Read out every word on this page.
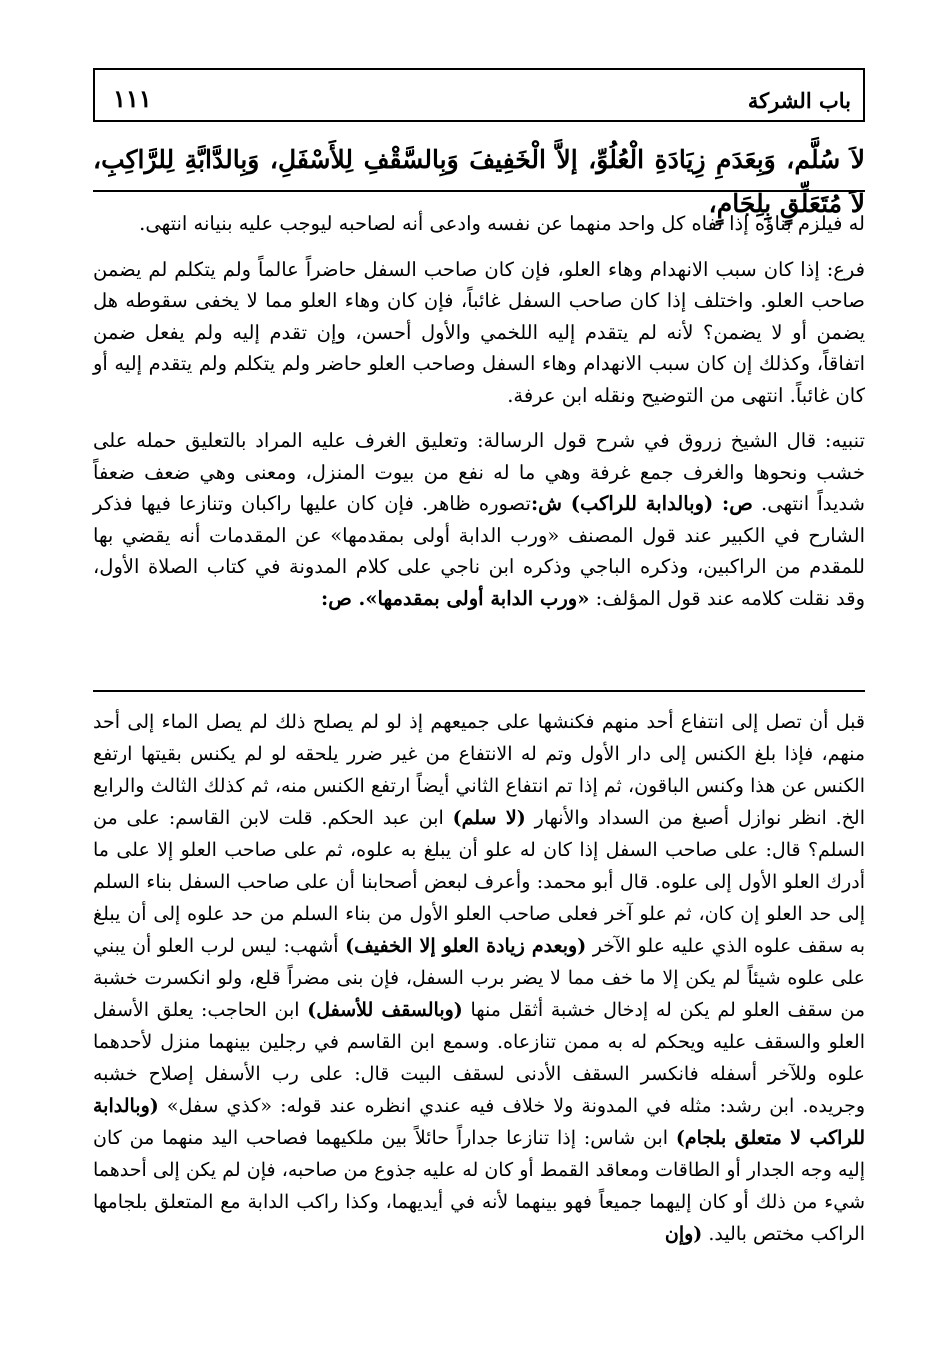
باب الشركة
١١١
لاَ سُلَّم، وَبِعَدَمِ زِيَادَةِ الْعُلُوِّ، إلاَّ الْخَفِيفَ وَبِالسَّقْفِ لِلأَسْفَلِ، وَبِالدَّابَّةِ لِلرَّاكِبِ، لاَ مُتَعَلِّقٍ بِلِجَامٍ،

له فيلزم بناؤه إذا نفاه كل واحد منهما عن نفسه وادعى أنه لصاحبه ليوجب عليه بنيانه انتهى.

فرع: إذا كان سبب الانهدام وهاء العلو، فإن كان صاحب السفل حاضراً عالماً ولم يتكلم لم يضمن صاحب العلو. واختلف إذا كان صاحب السفل غائباً، فإن كان وهاء العلو مما لا يخفى سقوطه هل يضمن أو لا يضمن؟ لأنه لم يتقدم إليه اللخمي والأول أحسن، وإن تقدم إليه ولم يفعل ضمن اتفاقاً، وكذلك إن كان سبب الانهدام وهاء السفل وصاحب العلو حاضر ولم يتكلم ولم يتقدم إليه أو كان غائباً. انتهى من التوضيح ونقله ابن عرفة.

تنبيه: قال الشيخ زروق في شرح قول الرسالة: وتعليق الغرف عليه المراد بالتعليق حمله على خشب ونحوها والغرف جمع غرفة وهي ما له نفع من بيوت المنزل، ومعنى وهي ضعف ضعفاً شديداً انتهى. ص: (وبالدابة للراكب) ش:تصوره ظاهر. فإن كان عليها راكبان وتنازعا فيها فذكر الشارح في الكبير عند قول المصنف «ورب الدابة أولى بمقدمها» عن المقدمات أنه يقضي بها للمقدم من الراكبين، وذكره الباجي وذكره ابن ناجي على كلام المدونة في كتاب الصلاة الأول، وقد نقلت كلامه عند قول المؤلف: «ورب الدابة أولى بمقدمها». ص:

قبل أن تصل إلى انتفاع أحد منهم فكنشها على جميعهم إذ لو لم يصلح ذلك لم يصل الماء إلى أحد منهم، فإذا بلغ الكنس إلى دار الأول وتم له الانتفاع من غير ضرر يلحقه لو لم يكنس بقيتها ارتفع الكنس عن هذا وكنس الباقون، ثم إذا تم انتفاع الثاني أيضاً ارتفع الكنس منه، ثم كذلك الثالث والرابع الخ. انظر نوازل أصبغ من السداد والأنهار (لا سلم) ابن عبد الحكم. قلت لابن القاسم: على من السلم؟ قال: على صاحب السفل إذا كان له علو أن يبلغ به علوه، ثم على صاحب العلو إلا على ما أدرك العلو الأول إلى علوه. قال أبو محمد: وأعرف لبعض أصحابنا أن على صاحب السفل بناء السلم إلى حد العلو إن كان، ثم علو آخر فعلى صاحب العلو الأول من بناء السلم من حد علوه إلى أن يبلغ به سقف علوه الذي عليه علو الآخر (وبعدم زيادة العلو إلا الخفيف) أشهب: ليس لرب العلو أن يبني على علوه شيئاً لم يكن إلا ما خف مما لا يضر برب السفل، فإن بنى مضراً قلع، ولو انكسرت خشبة من سقف العلو لم يكن له إدخال خشبة أثقل منها (وبالسقف للأسفل) ابن الحاجب: يعلق الأسفل العلو والسقف عليه ويحكم له به ممن تنازعاه. وسمع ابن القاسم في رجلين بينهما منزل لأحدهما علوه وللآخر أسفله فانكسر السقف الأدنى لسقف البيت قال: على رب الأسفل إصلاح خشبه وجريده. ابن رشد: مثله في المدونة ولا خلاف فيه عندي انظره عند قوله: «كذي سفل» (وبالدابة للراكب لا متعلق بلجام) ابن شاس: إذا تنازعا جداراً حائلاً بين ملكيهما فصاحب اليد منهما من كان إليه وجه الجدار أو الطاقات ومعاقد القمط أو كان له عليه جذوع من صاحبه، فإن لم يكن إلى أحدهما شيء من ذلك أو كان إليهما جميعاً فهو بينهما لأنه في أيديهما، وكذا راكب الدابة مع المتعلق بلجامها الراكب مختص باليد. (وإن
